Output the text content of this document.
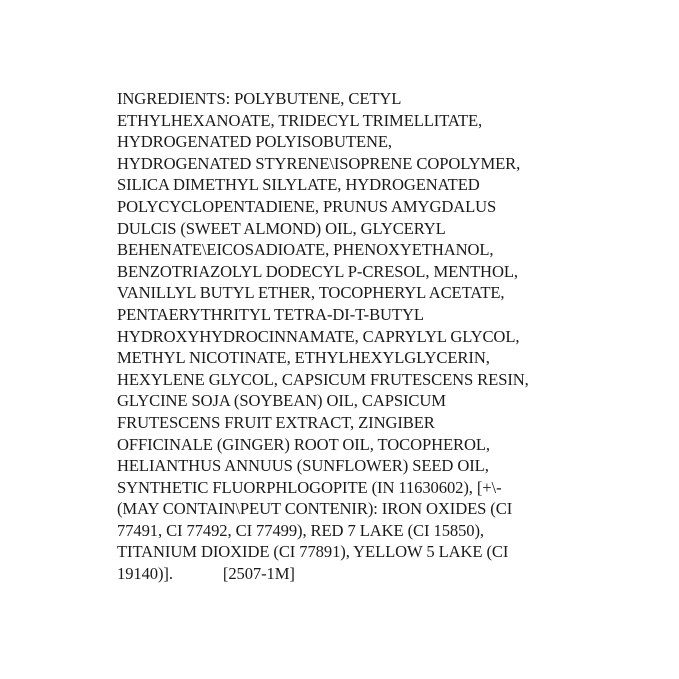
INGREDIENTS: POLYBUTENE, CETYL
ETHYLHEXANOATE, TRIDECYL TRIMELLITATE,
HYDROGENATED POLYISOBUTENE,
HYDROGENATED STYRENE\ISOPRENE COPOLYMER,
SILICA DIMETHYL SILYLATE, HYDROGENATED
POLYCYCLOPENTADIENE, PRUNUS AMYGDALUS
DULCIS (SWEET ALMOND) OIL, GLYCERYL
BEHENATE\EICOSADIOATE, PHENOXYETHANOL,
BENZOTRIAZOLYL DODECYL P-CRESOL, MENTHOL,
VANILLYL BUTYL ETHER, TOCOPHERYL ACETATE,
PENTAERYTHRITYL TETRA-DI-T-BUTYL
HYDROXYHYDROCINNAMATE, CAPRYLYL GLYCOL,
METHYL NICOTINATE, ETHYLHEXYLGLYCERIN,
HEXYLENE GLYCOL, CAPSICUM FRUTESCENS RESIN,
GLYCINE SOJA (SOYBEAN) OIL, CAPSICUM
FRUTESCENS FRUIT EXTRACT, ZINGIBER
OFFICINALE (GINGER) ROOT OIL, TOCOPHEROL,
HELIANTHUS ANNUUS (SUNFLOWER) SEED OIL,
SYNTHETIC FLUORPHLOGOPITE (IN 11630602), [+\-
(MAY CONTAIN\PEUT CONTENIR): IRON OXIDES (CI
77491, CI 77492, CI 77499), RED 7 LAKE (CI 15850),
TITANIUM DIOXIDE (CI 77891), YELLOW 5 LAKE (CI
19140)].	[2507-1M]
